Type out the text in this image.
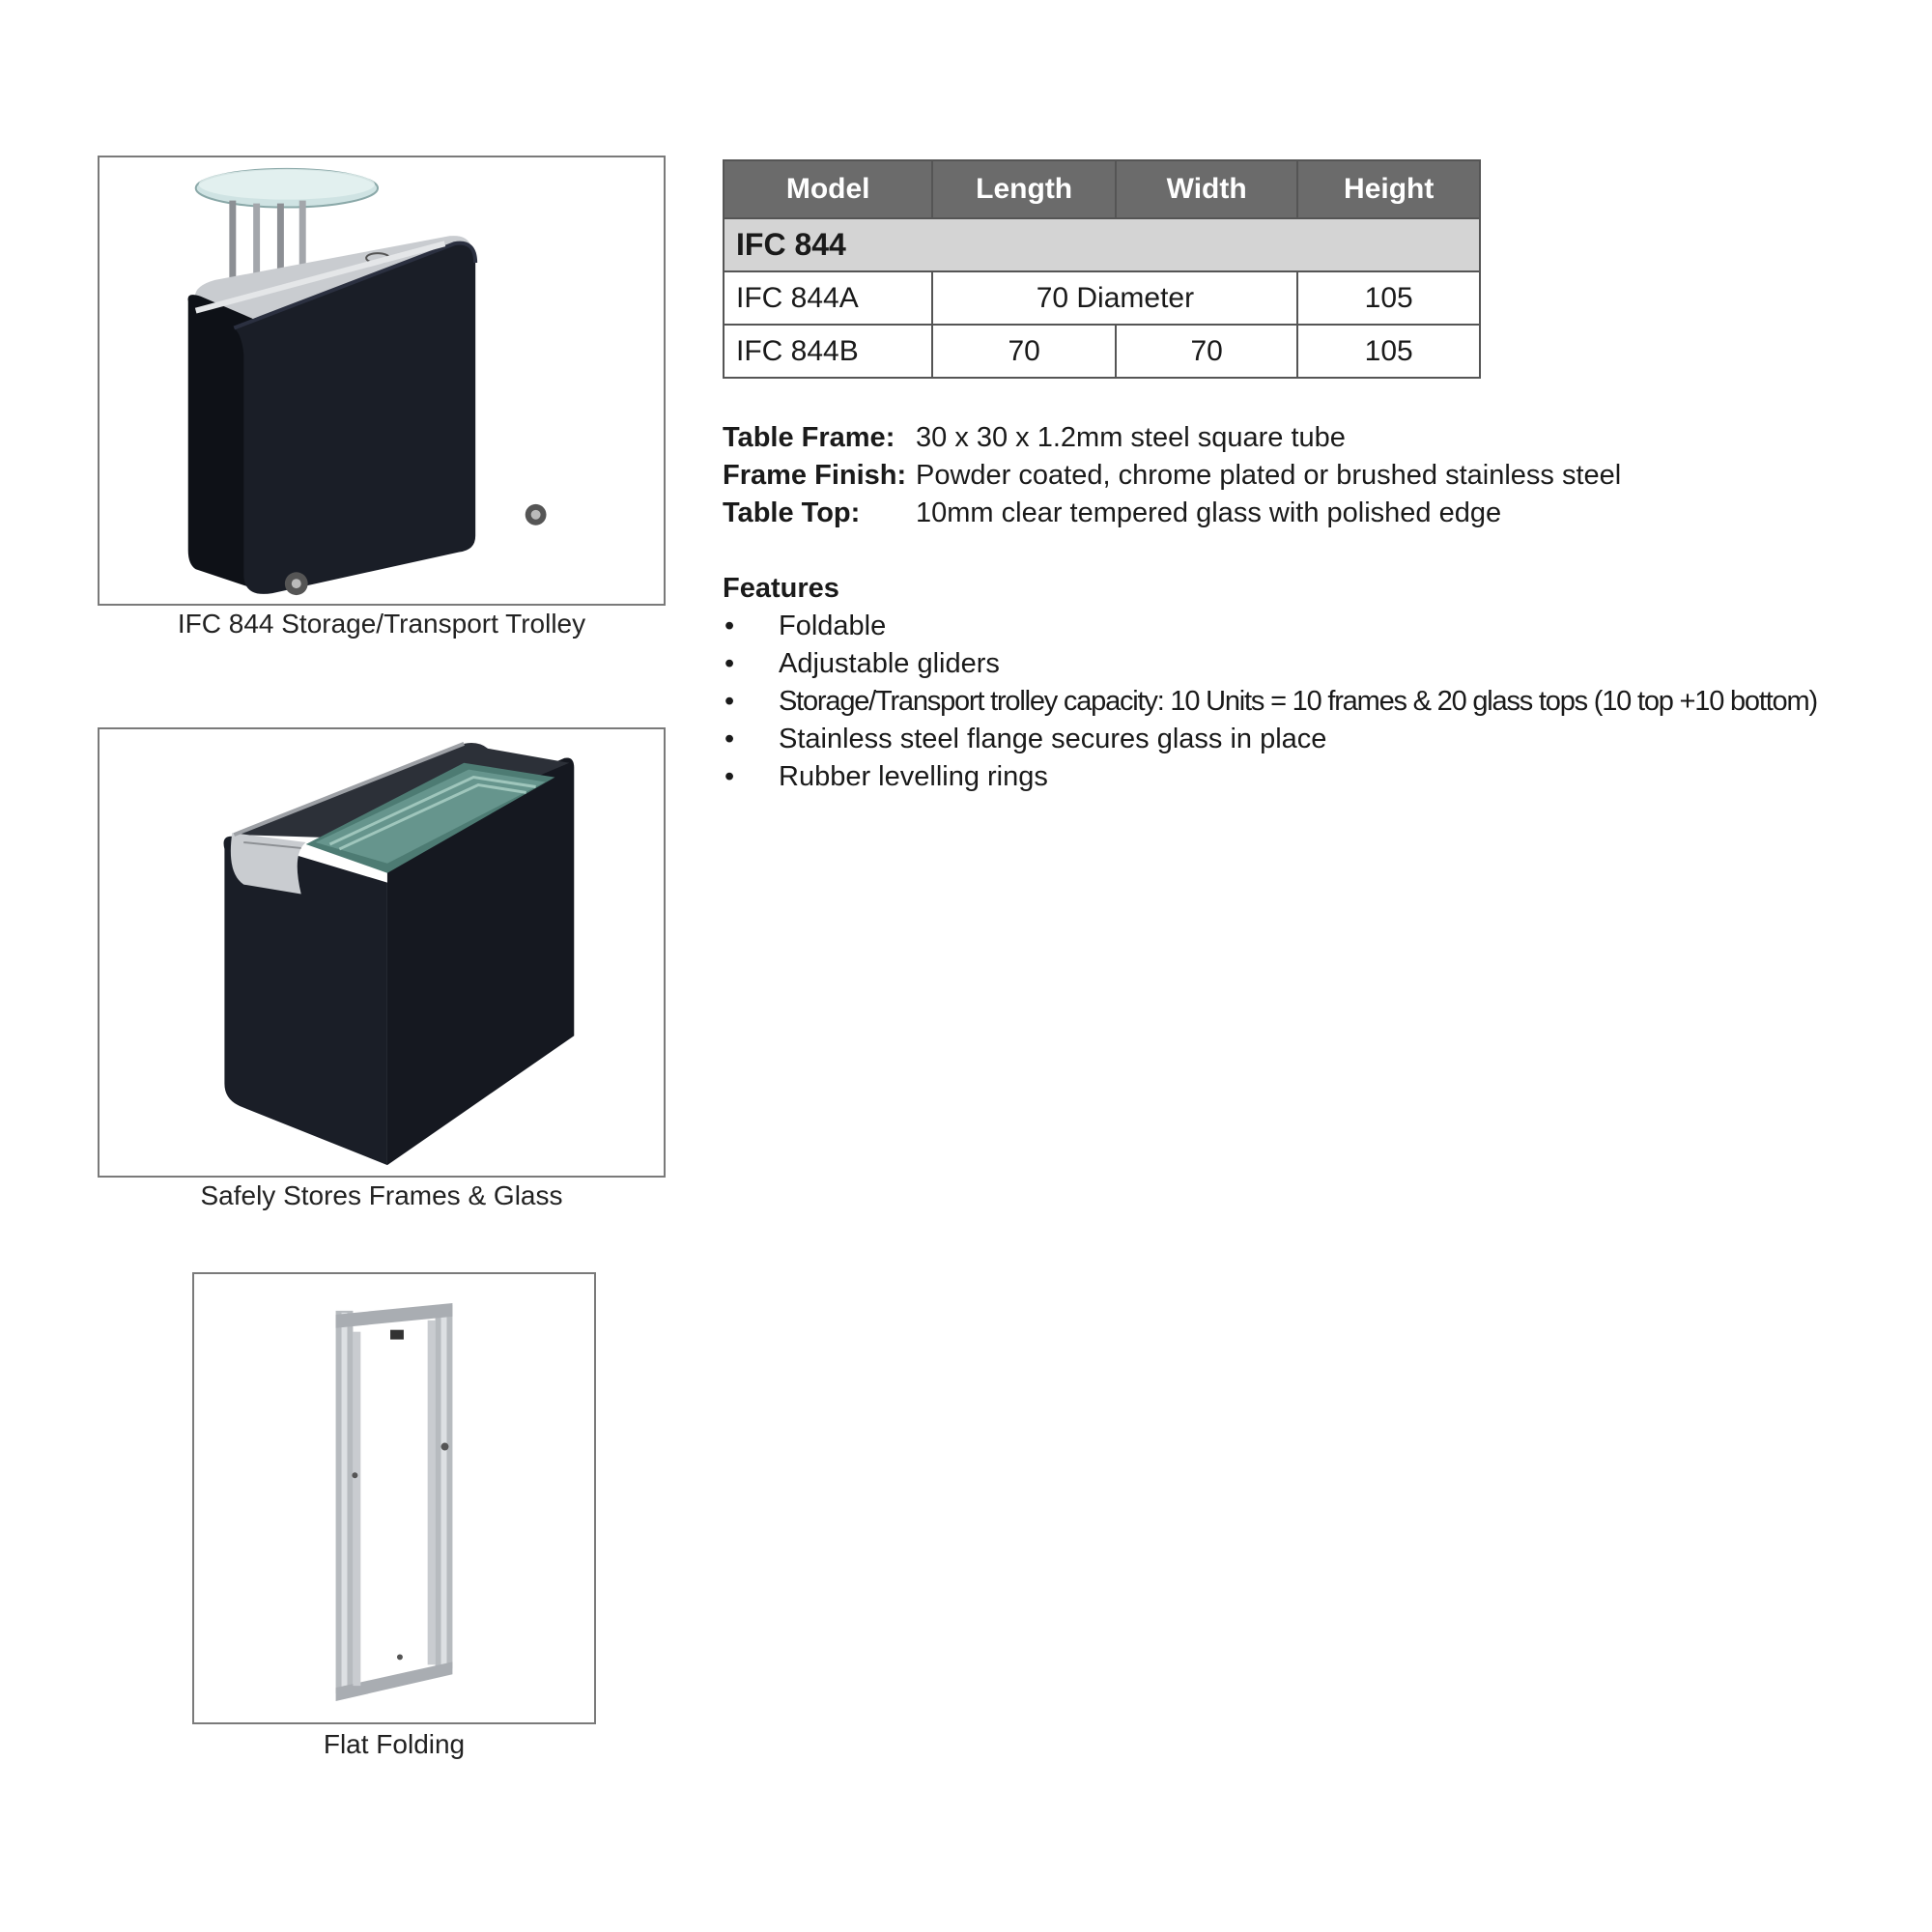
IFC 844 Storage/Transport Trolley
Safely Stores Frames & Glass
Flat Folding
Model	Length	Width	Height
IFC 844			
IFC 844A	70 Diameter		105
IFC 844B	70	70	105
Table Frame: 30 x 30 x 1.2mm steel square tube
Frame Finish: Powder coated, chrome plated or brushed stainless steel
Table Top:	10mm clear tempered glass with polished edge
Features
•	Foldable
•	Adjustable gliders
•	Storage/Transport trolley capacity: 10 Units = 10 frames & 20 glass tops (10 top +10 bottom)
•	Stainless steel flange secures glass in place
•	Rubber levelling rings
